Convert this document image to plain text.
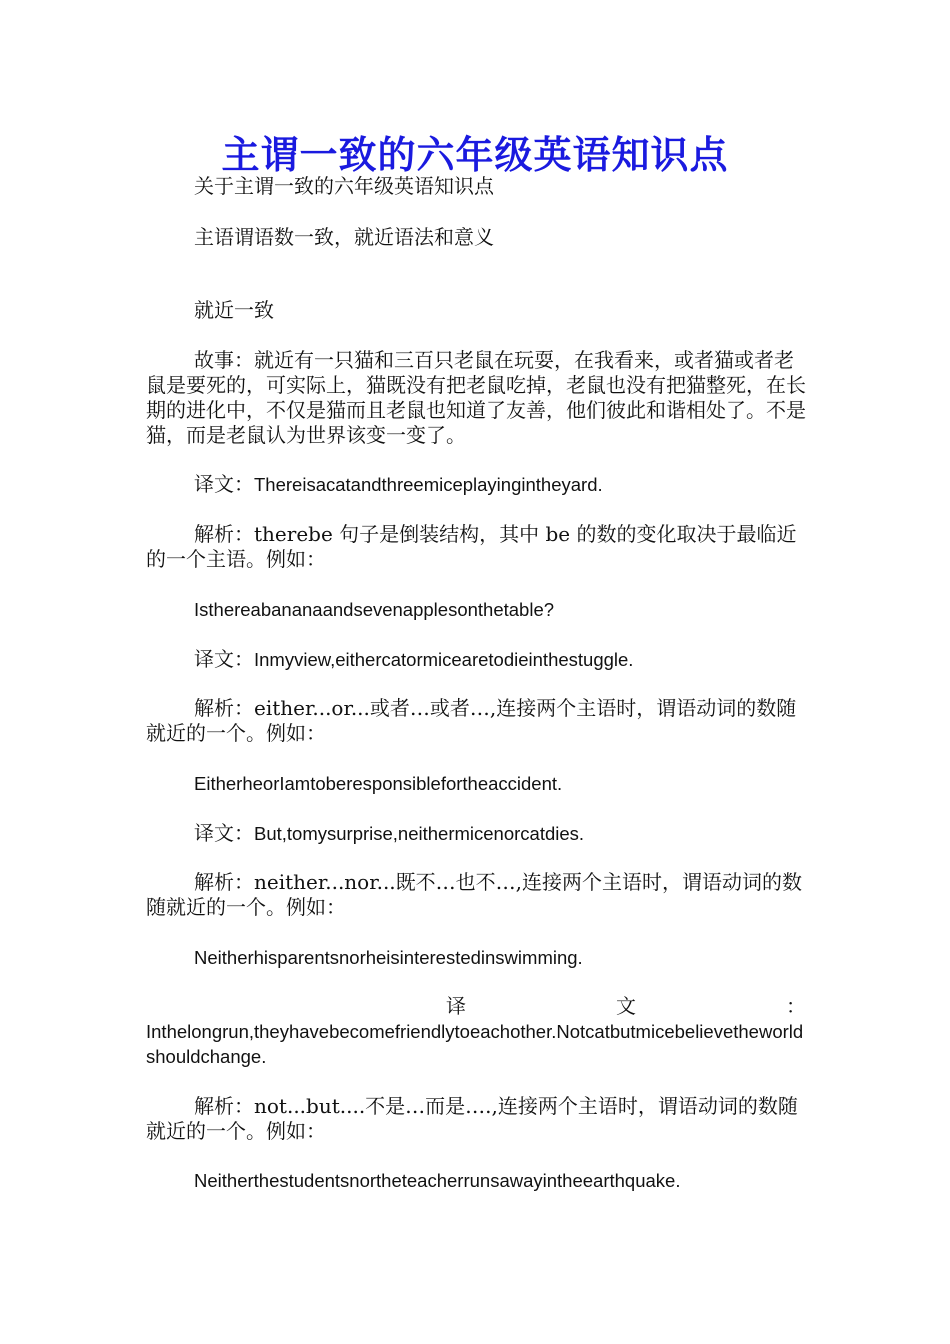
主谓一致的六年级英语知识点
关于主谓一致的六年级英语知识点
主语谓语数一致，就近语法和意义
就近一致
故事：就近有一只猫和三百只老鼠在玩耍，在我看来，或者猫或者老鼠是要死的，可实际上，猫既没有把老鼠吃掉，老鼠也没有把猫整死，在长期的进化中，不仅是猫而且老鼠也知道了友善，他们彼此和谐相处了。不是猫，而是老鼠认为世界该变一变了。
译文：Thereisacatandthreemiceplayingintheyard.
解析：therebe 句子是倒装结构，其中 be 的数的变化取决于最临近的一个主语。例如：
Isthereabananaandsevenapplesonthetable?
译文：Inmyview,eithercatormicearetodieinthestuggle.
解析：either...or...或者…或者…,连接两个主语时，谓语动词的数随就近的一个。例如：
EitherheorIamtoberesponsiblefortheaccident.
译文：But,tomysurprise,neithermicenorcatdies.
解析：neither...nor...既不…也不…,连接两个主语时，谓语动词的数随就近的一个。例如：
Neitherhisparentsnorheisinterestedinswimming.
译文：
Inthelongrun,theyhavebecomefriendlytoeachother.Notcatbutmicebelievetheworldshouldchange.
解析：not...but....不是…而是….,连接两个主语时，谓语动词的数随就近的一个。例如：
Neitherthestudentsnortheteacherrunsawayintheearthquake.
